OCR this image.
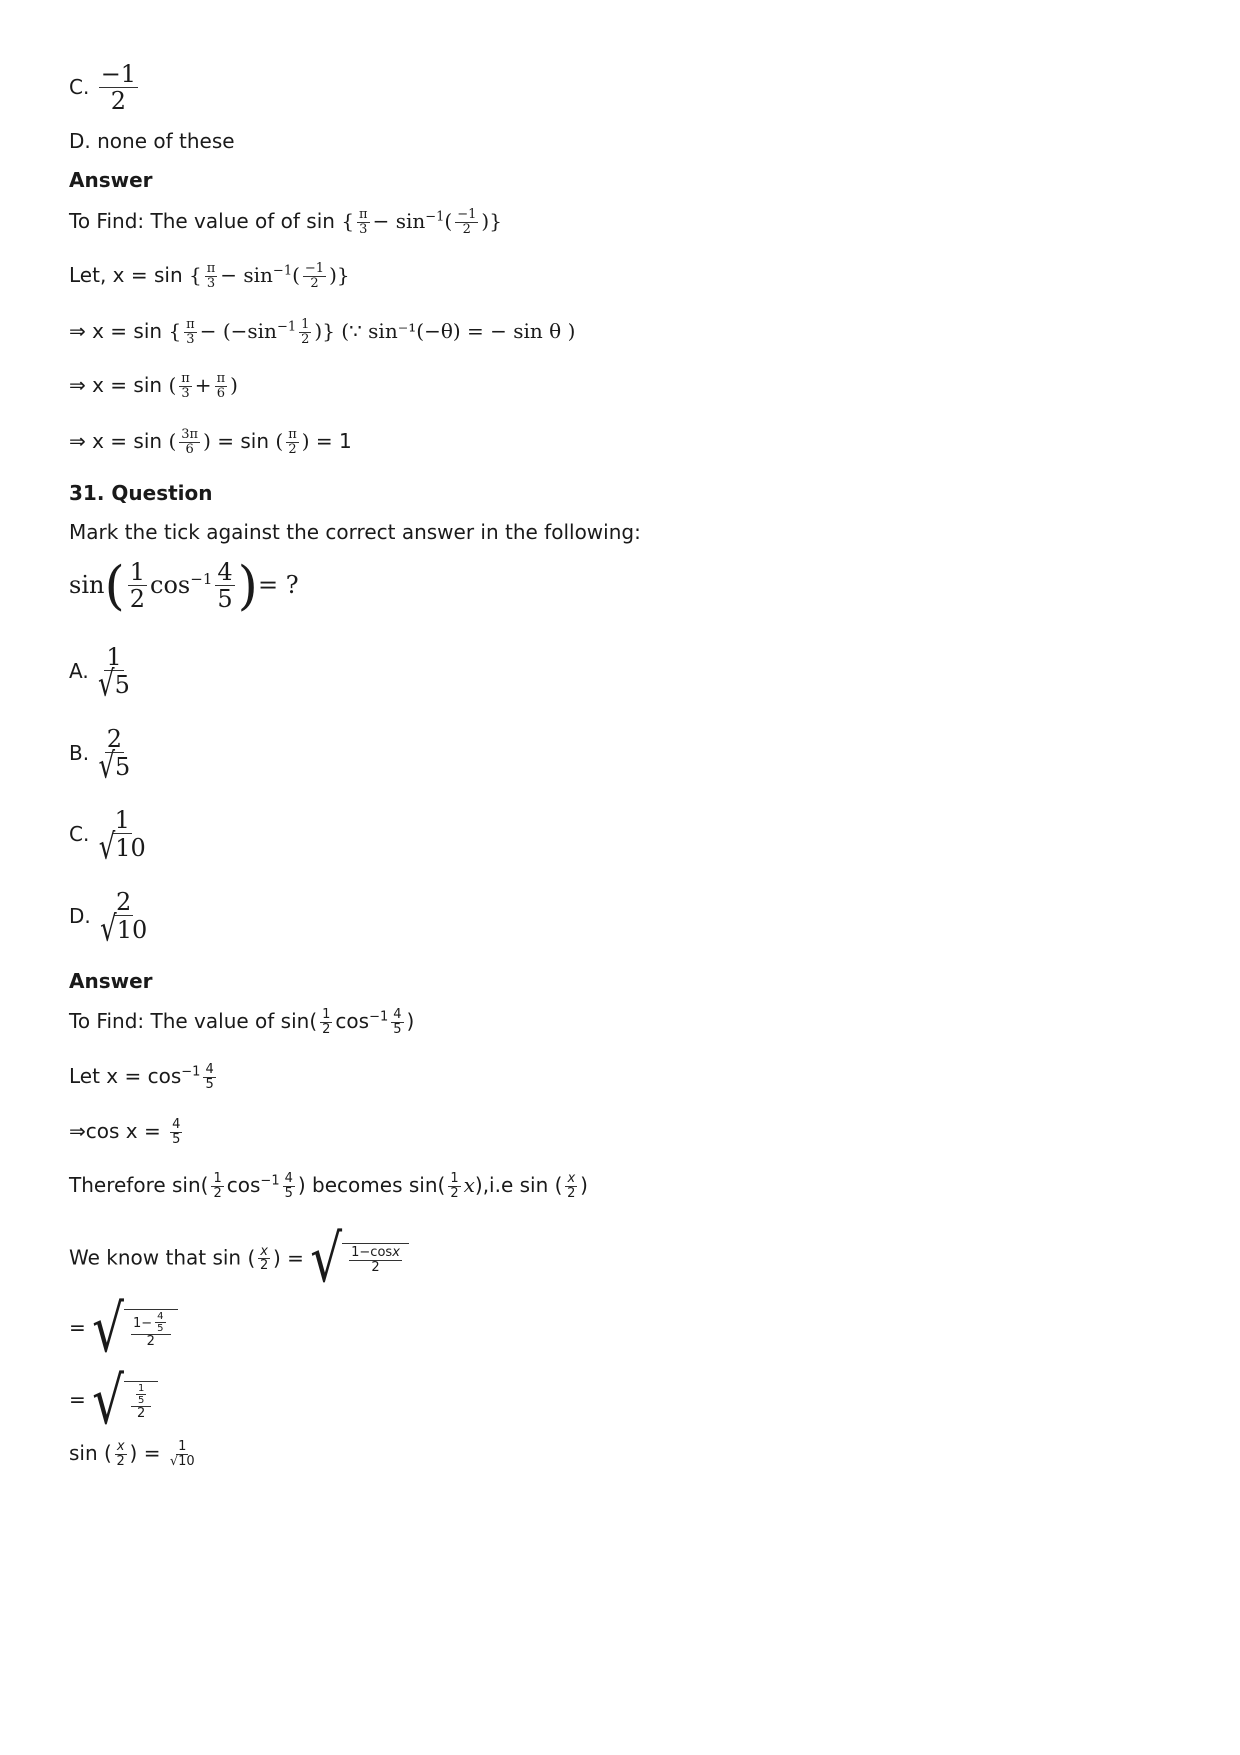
C. $\frac{-1}{2}$
D. none of these
Answer
To Find: The value of of sin { $\frac{\pi}{3} - \sin^{-1}( \frac{-1}{2}$ )}
Let, x = sin { $\frac{\pi}{3} - \sin^{-1}( \frac{-1}{2}$ )}
⇒ x = sin { $\frac{\pi}{3} - (-\sin^{-1} \frac{1}{2}$ )} (∵ sin⁻¹(−θ) = − sin θ )
⇒ x = sin ( $\frac{\pi}{3} + \frac{\pi}{6}$ )
⇒ x = sin ( $\frac{3\pi}{6}$ ) = sin ( $\frac{\pi}{2}$ ) = 1
31. Question
Mark the tick against the correct answer in the following:
$\sin( \frac{1}{2} \cos^{-1} \frac{4}{5}$ )= ?
A. $\frac{1}{√ 5}$
B. $\frac{2}{√ 5}$
C. $\frac{1}{√ 10}$
D. $\frac{2}{√ 10}$
Answer
To Find: The value of $\sin( \frac{1}{2} \cos^{-1} \frac{4}{5}$ )
Let $x = \cos^{-1} \frac{4}{5}$
⇒cos $x = \frac{4}{5}$
Therefore $\sin( \frac{1}{2} \cos^{-1} \frac{4}{5}$ ) becomes $\sin( \frac{1}{2} x),i.e$ sin ( $\frac{x}{2}$ )
We know that sin ( $\frac{x}{2}$ ) = √ $\frac{1-\cos x}{2}$
= √ $\frac{1- \frac{4}{5}}{2}$
= √ $\frac{\frac{1}{5}}{2}$
sin ( $\frac{x}{2}$ ) = $\frac{1}{√10}$
